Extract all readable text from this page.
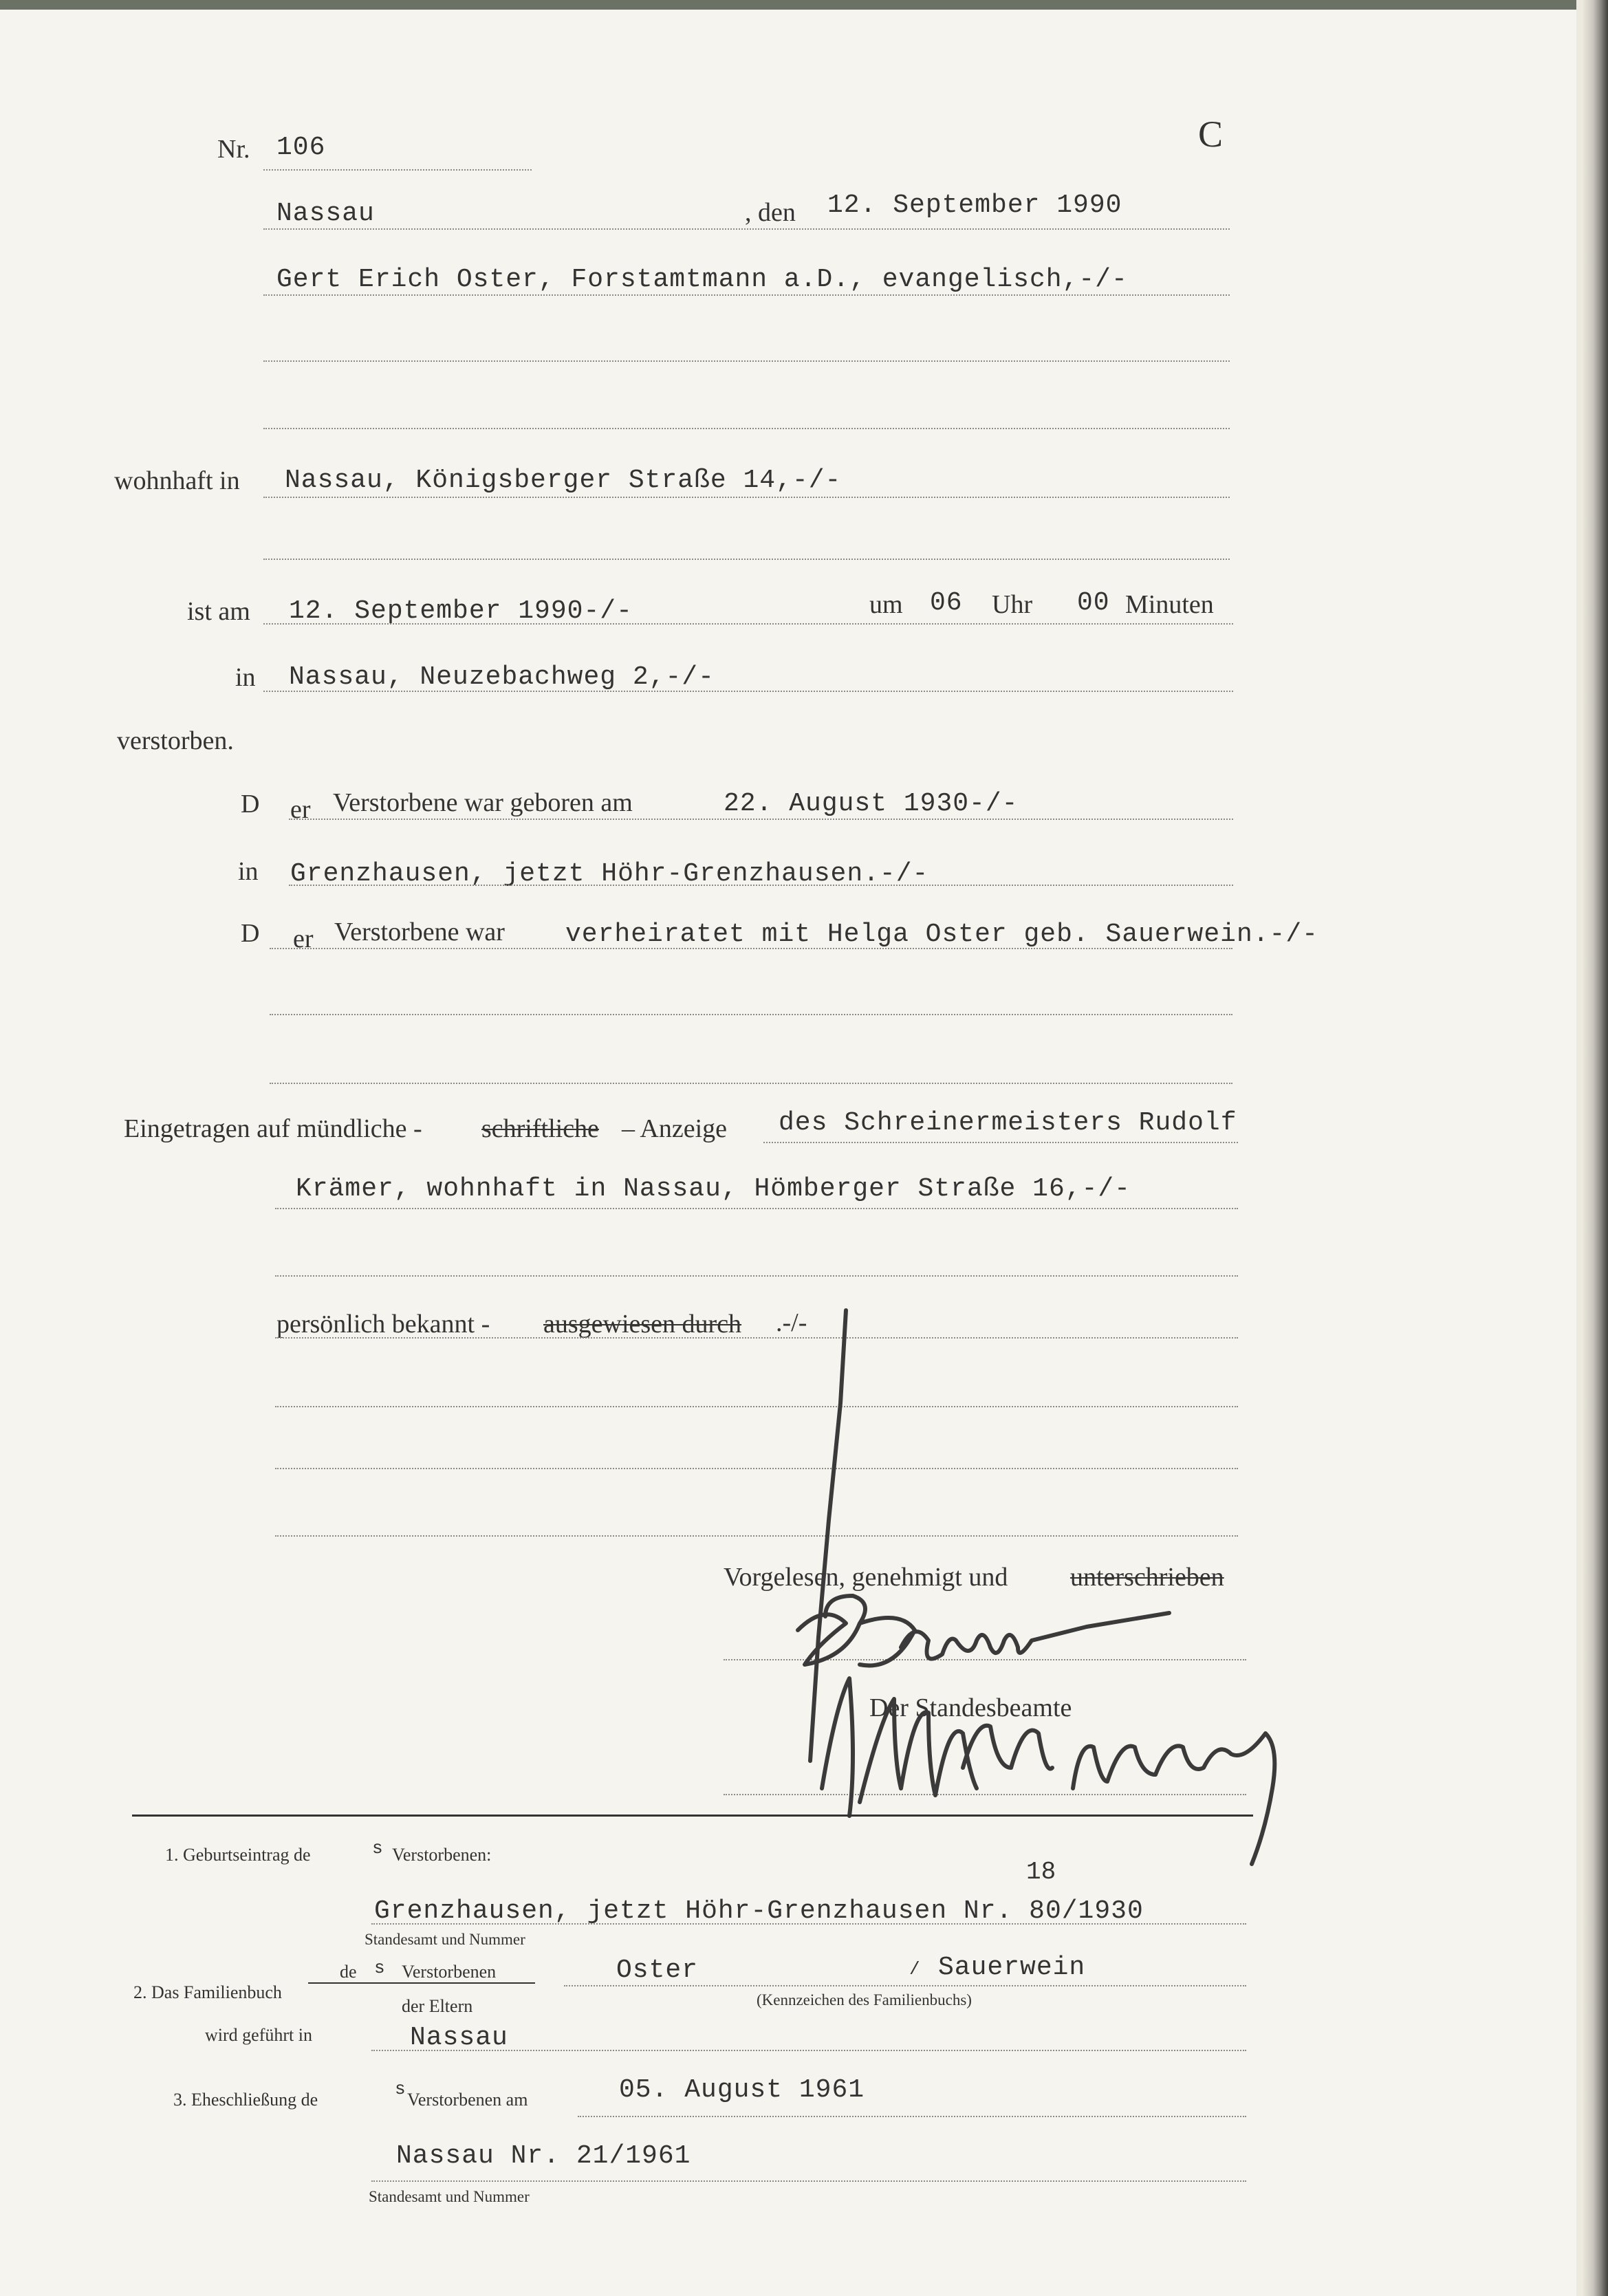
Nr. 106	C
Nassau	, den 12. September 1990
Gert Erich Oster, Forstamtmann a.D., evangelisch,-/-
wohnhaft in Nassau, Königsberger Straße 14,-/-
ist am 12. September 1990-/-	um 06 Uhr 00 Minuten
in Nassau, Neuzebachweg 2,-/-
verstorben.
D er Verstorbene war geboren am	22. August 1930-/-
in Grenzhausen, jetzt Höhr-Grenzhausen.-/-
D er Verstorbene war verheiratet mit Helga Oster geb. Sauerwein.-/-
Eingetragen auf mündliche - schriftliche – Anzeige des Schreinermeisters Rudolf
Krämer, wohnhaft in Nassau, Hömberger Straße 16,-/-
persönlich bekannt - ausgewiesen durch .-/-
Vorgelesen, genehmigt und unterschrieben
Der Standesbeamte
1. Geburtseintrag de	s Verstorbenen:
18
Grenzhausen, jetzt Höhr-Grenzhausen Nr. 80/1930
Standesamt und Nummer
de s Verstorbenen
2. Das Familienbuch
der Eltern
Oster	/ Sauerwein
(Kennzeichen des Familienbuchs)
wird geführt in	Nassau
3. Eheschließung de
s
Verstorbenen am	05. August 1961
Nassau Nr. 21/1961
Standesamt und Nummer
